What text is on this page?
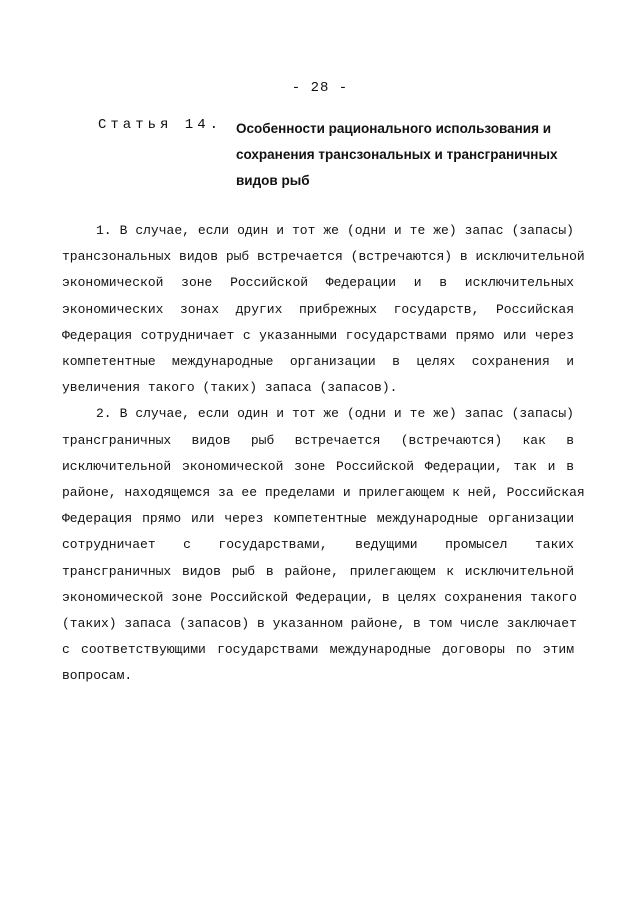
- 28 -
Статья 14. Особенности рационального использования и
сохранения трансзональных и трансграничных
видов рыб

1. В случае, если один и тот же (одни и те же) запас (запасы)
трансзональных видов рыб встречается (встречаются) в исключительной
экономической зоне Российской Федерации и в исключительных
экономических зонах других прибрежных государств, Российская
Федерация сотрудничает с указанными государствами прямо или через
компетентные международные организации в целях сохранения и
увеличения такого (таких) запаса (запасов).

2. В случае, если один и тот же (одни и те же) запас (запасы)
трансграничных видов рыб встречается (встречаются) как в
исключительной экономической зоне Российской Федерации, так и в
районе, находящемся за ее пределами и прилегающем к ней, Российская
Федерация прямо или через компетентные международные организации
сотрудничает с государствами, ведущими промысел таких
трансграничных видов рыб в районе, прилегающем к исключительной
экономической зоне Российской Федерации, в целях сохранения такого
(таких) запаса (запасов) в указанном районе, в том числе заключает
с соответствующими государствами международные договоры по этим
вопросам.
